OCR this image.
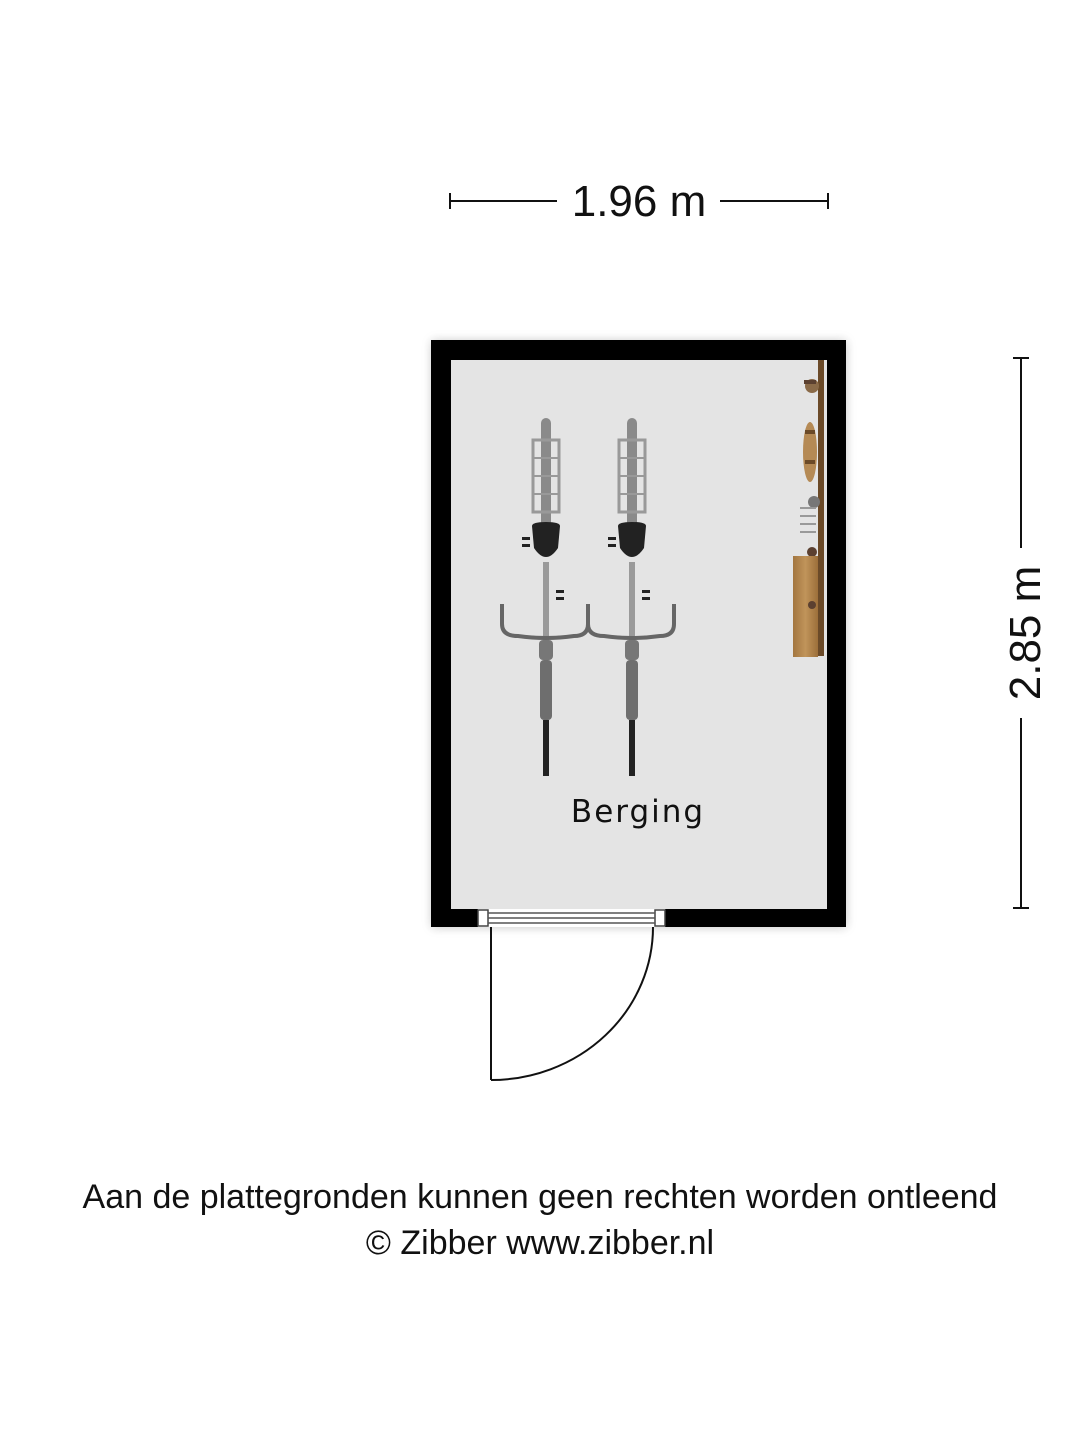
1.96 m
2.85 m
Berging
Aan de plattegronden kunnen geen rechten worden ontleend
© Zibber www.zibber.nl
